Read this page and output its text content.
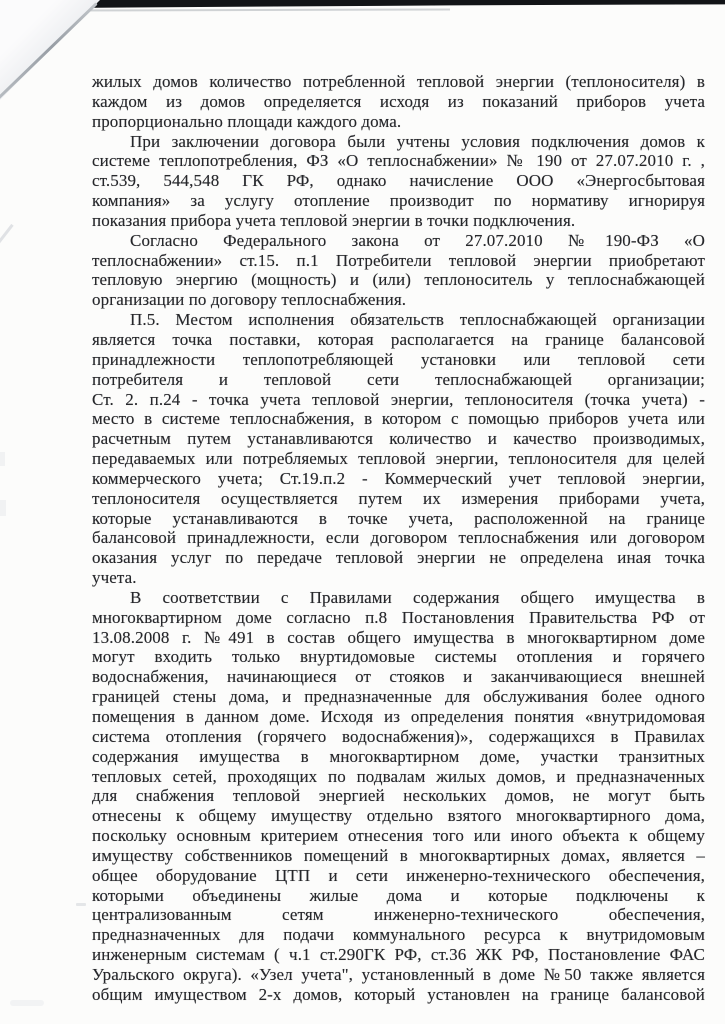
жилых домов количество потребленной тепловой энергии (теплоносителя) в
каждом из домов определяется исходя из показаний приборов учета
пропорционально площади каждого дома.
При заключении договора были учтены условия подключения домов к
системе теплопотребления, ФЗ «О теплоснабжении» № 190 от 27.07.2010 г. ,
ст.539, 544,548 ГК РФ, однако начисление ООО «Энергосбытовая
компания» за услугу отопление производит по нормативу игнорируя
показания прибора учета тепловой энергии в точки подключения.
Согласно Федерального закона от 27.07.2010 №190-ФЗ «О
теплоснабжении» ст.15. п.1 Потребители тепловой энергии приобретают
тепловую энергию (мощность) и (или) теплоноситель у теплоснабжающей
организации по договору теплоснабжения.
П.5. Местом исполнения обязательств теплоснабжающей организации
является точка поставки, которая располагается на границе балансовой
принадлежности теплопотребляющей установки или тепловой сети
потребителя и тепловой сети теплоснабжающей организации;
Ст. 2. п.24 - точка учета тепловой энергии, теплоносителя (точка учета) -
место в системе теплоснабжения, в котором с помощью приборов учета или
расчетным путем устанавливаются количество и качество производимых,
передаваемых или потребляемых тепловой энергии, теплоносителя для целей
коммерческого учета; Ст.19.п.2 - Коммерческий учет тепловой энергии,
теплоносителя осуществляется путем их измерения приборами учета,
которые устанавливаются в точке учета, расположенной на границе
балансовой принадлежности, если договором теплоснабжения или договором
оказания услуг по передаче тепловой энергии не определена иная точка
учета.
В соответствии с Правилами содержания общего имущества в
многоквартирном доме согласно п.8 Постановления Правительства РФ от
13.08.2008 г. №491 в состав общего имущества в многоквартирном доме
могут входить только внуртидомовые системы отопления и горячего
водоснабжения, начинающиеся от стояков и заканчивающиеся внешней
границей стены дома, и предназначенные для обслуживания более одного
помещения в данном доме. Исходя из определения понятия «внутридомовая
система отопления (горячего водоснабжения)», содержащихся в Правилах
содержания имущества в многоквартирном доме, участки транзитных
тепловых сетей, проходящих по подвалам жилых домов, и предназначенных
для снабжения тепловой энергией нескольких домов, не могут быть
отнесены к общему имуществу отдельно взятого многоквартирного дома,
поскольку основным критерием отнесения того или иного объекта к общему
имуществу собственников помещений в многоквартирных домах, является –
общее оборудование ЦТП и сети инженерно-технического обеспечения,
которыми объединены жилые дома и которые подключены к
централизованным сетям инженерно-технического обеспечения,
предназначенных для подачи коммунального ресурса к внутридомовым
инженерным системам ( ч.1 ст.290ГК РФ, ст.36 ЖК РФ, Постановление ФАС
Уральского округа). «Узел учета", установленный в доме №50 также является
общим имуществом 2-х домов, который установлен на границе балансовой
